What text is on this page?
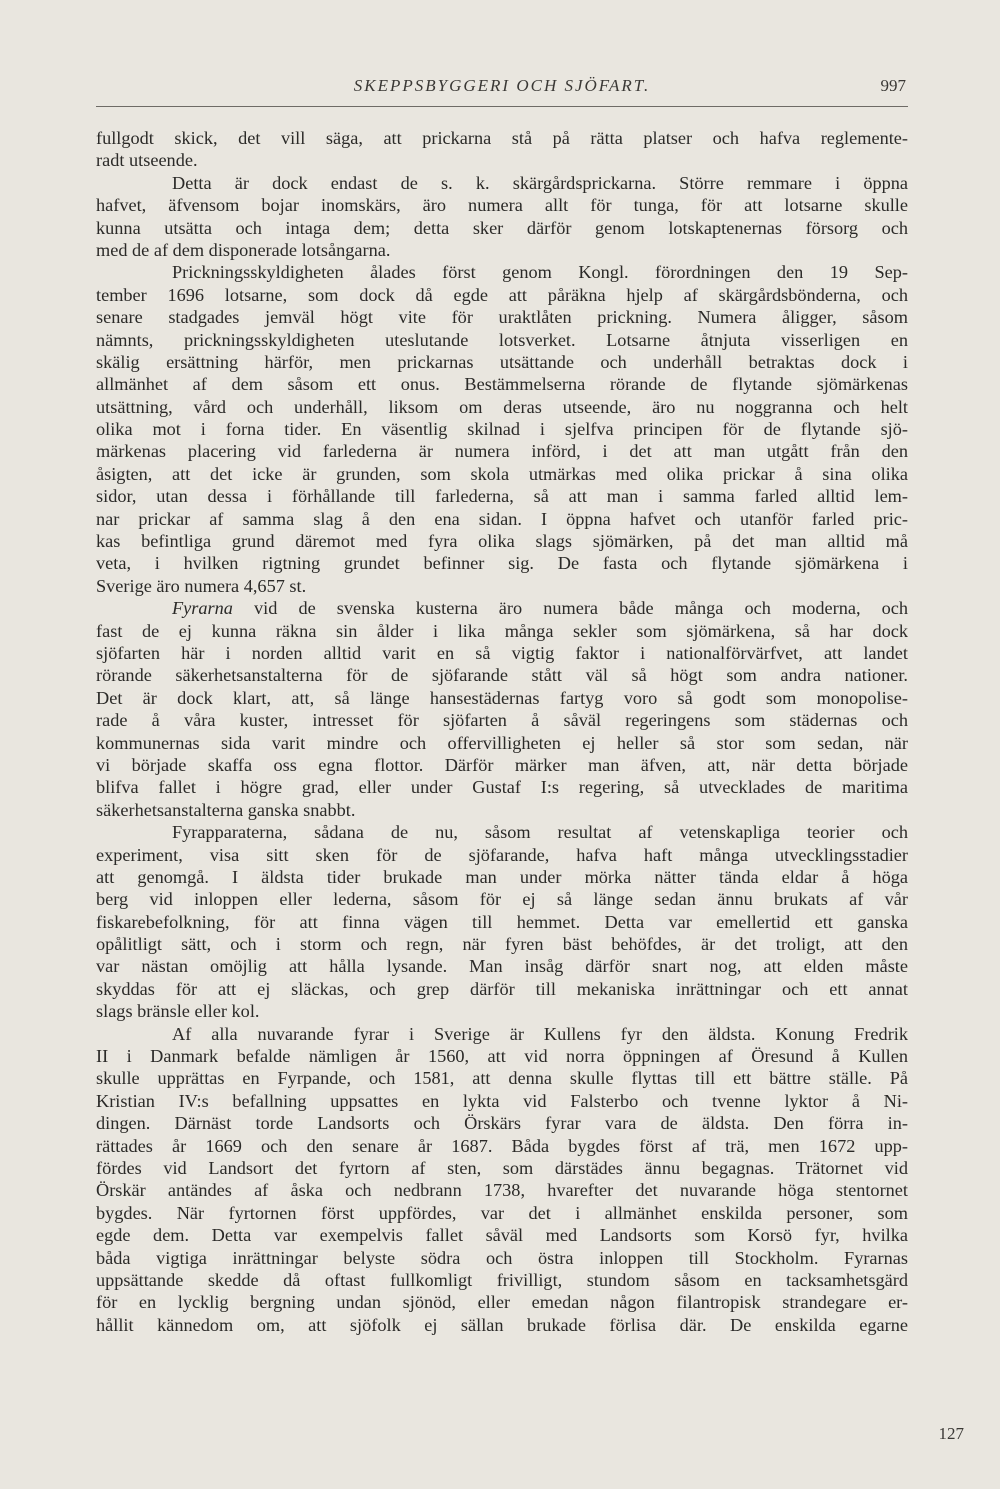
SKEPPSBYGGERI OCH SJÖFART.	997
fullgodt skick, det vill säga, att prickarna stå på rätta platser och hafva reglemente-
radt utseende.
Detta är dock endast de s. k. skärgårdsprickarna. Större remmare i öppna
hafvet, äfvensom bojar inomskärs, äro numera allt för tunga, för att lotsarne skulle
kunna utsätta och intaga dem; detta sker därför genom lotskaptenernas försorg och
med de af dem disponerade lotsångarna.
Prickningsskyldigheten ålades först genom Kongl. förordningen den 19 Sep-
tember 1696 lotsarne, som dock då egde att påräkna hjelp af skärgårdsbönderna, och
senare stadgades jemväl högt vite för uraktlåten prickning. Numera åligger, såsom
nämnts, prickningsskyldigheten uteslutande lotsverket. Lotsarne åtnjuta visserligen en
skälig ersättning härför, men prickarnas utsättande och underhåll betraktas dock i
allmänhet af dem såsom ett onus. Bestämmelserna rörande de flytande sjömärkenas
utsättning, vård och underhåll, liksom om deras utseende, äro nu noggranna och helt
olika mot i forna tider. En väsentlig skilnad i sjelfva principen för de flytande sjö-
märkenas placering vid farlederna är numera införd, i det att man utgått från den
åsigten, att det icke är grunden, som skola utmärkas med olika prickar å sina olika
sidor, utan dessa i förhållande till farlederna, så att man i samma farled alltid lem-
nar prickar af samma slag å den ena sidan. I öppna hafvet och utanför farled pric-
kas befintliga grund däremot med fyra olika slags sjömärken, på det man alltid må
veta, i hvilken rigtning grundet befinner sig. De fasta och flytande sjömärkena i
Sverige äro numera 4,657 st.
Fyrarna vid de svenska kusterna äro numera både många och moderna, och
fast de ej kunna räkna sin ålder i lika många sekler som sjömärkena, så har dock
sjöfarten här i norden alltid varit en så vigtig faktor i nationalförvärfvet, att landet
rörande säkerhetsanstalterna för de sjöfarande stått väl så högt som andra nationer.
Det är dock klart, att, så länge hansestädernas fartyg voro så godt som monopolise-
rade å våra kuster, intresset för sjöfarten å såväl regeringens som städernas och
kommunernas sida varit mindre och offervilligheten ej heller så stor som sedan, när
vi började skaffa oss egna flottor. Därför märker man äfven, att, när detta började
blifva fallet i högre grad, eller under Gustaf I:s regering, så utvecklades de maritima
säkerhetsanstalterna ganska snabbt.
Fyrapparaterna, sådana de nu, såsom resultat af vetenskapliga teorier och
experiment, visa sitt sken för de sjöfarande, hafva haft många utvecklingsstadier
att genomgå. I äldsta tider brukade man under mörka nätter tända eldar å höga
berg vid inloppen eller lederna, såsom för ej så länge sedan ännu brukats af vår
fiskarebefolkning, för att finna vägen till hemmet. Detta var emellertid ett ganska
opålitligt sätt, och i storm och regn, när fyren bäst behöfdes, är det troligt, att den
var nästan omöjlig att hålla lysande. Man insåg därför snart nog, att elden måste
skyddas för att ej släckas, och grep därför till mekaniska inrättningar och ett annat
slags bränsle eller kol.
Af alla nuvarande fyrar i Sverige är Kullens fyr den äldsta. Konung Fredrik
II i Danmark befalde nämligen år 1560, att vid norra öppningen af Öresund å Kullen
skulle upprättas en Fyrpande, och 1581, att denna skulle flyttas till ett bättre ställe. På
Kristian IV:s befallning uppsattes en lykta vid Falsterbo och tvenne lyktor å Ni-
dingen. Därnäst torde Landsorts och Örskärs fyrar vara de äldsta. Den förra in-
rättades år 1669 och den senare år 1687. Båda bygdes först af trä, men 1672 upp-
fördes vid Landsort det fyrtorn af sten, som därstädes ännu begagnas. Trätornet vid
Örskär antändes af åska och nedbrann 1738, hvarefter det nuvarande höga stentornet
bygdes. När fyrtornen först uppfördes, var det i allmänhet enskilda personer, som
egde dem. Detta var exempelvis fallet såväl med Landsorts som Korsö fyr, hvilka
båda vigtiga inrättningar belyste södra och östra inloppen till Stockholm. Fyrarnas
uppsättande skedde då oftast fullkomligt frivilligt, stundom såsom en tacksamhetsgärd
för en lycklig bergning undan sjönöd, eller emedan någon filantropisk strandegare er-
hållit kännedom om, att sjöfolk ej sällan brukade förlisa där. De enskilda egarne
127
